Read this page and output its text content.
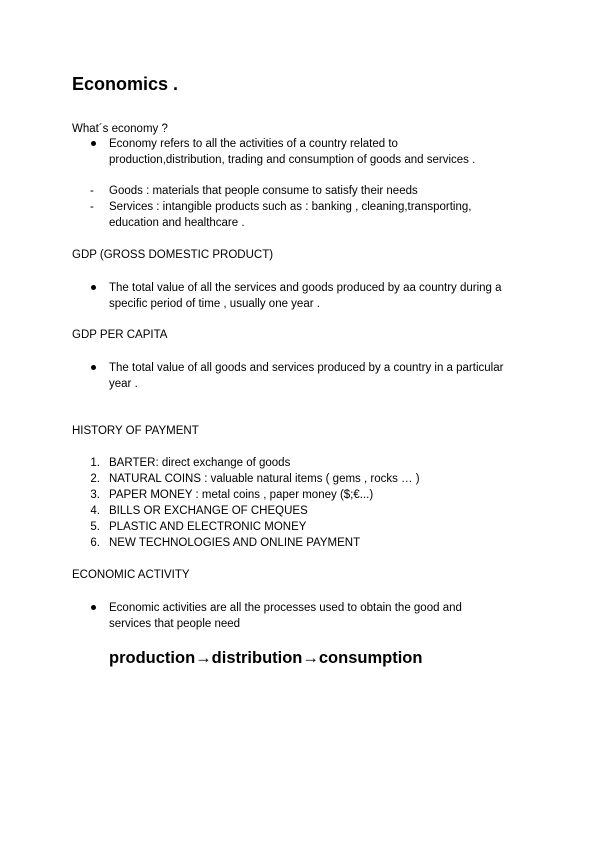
Economics .
What´s economy ?
Economy refers to all the activities of a country related to
production,distribution, trading and consumption of goods and services .
- Goods : materials that people consume to satisfy their needs
- Services : intangible products such as : banking , cleaning,transporting,
education and healthcare .
GDP (GROSS DOMESTIC PRODUCT)
The total value of all the services and goods produced by aa country during a
specific period of time , usually one year .
GDP PER CAPITA
The total value of all goods and services produced by a country in a particular
year .
HISTORY OF PAYMENT
1. BARTER: direct exchange of goods
2. NATURAL COINS : valuable natural items ( gems , rocks … )
3. PAPER MONEY : metal coins , paper money ($;€...)
4. BILLS OR EXCHANGE OF CHEQUES
5. PLASTIC AND ELECTRONIC MONEY
6. NEW TECHNOLOGIES AND ONLINE PAYMENT
ECONOMIC ACTIVITY
Economic activities are all the processes used to obtain the good and
services that people need
production→distribution→consumption
